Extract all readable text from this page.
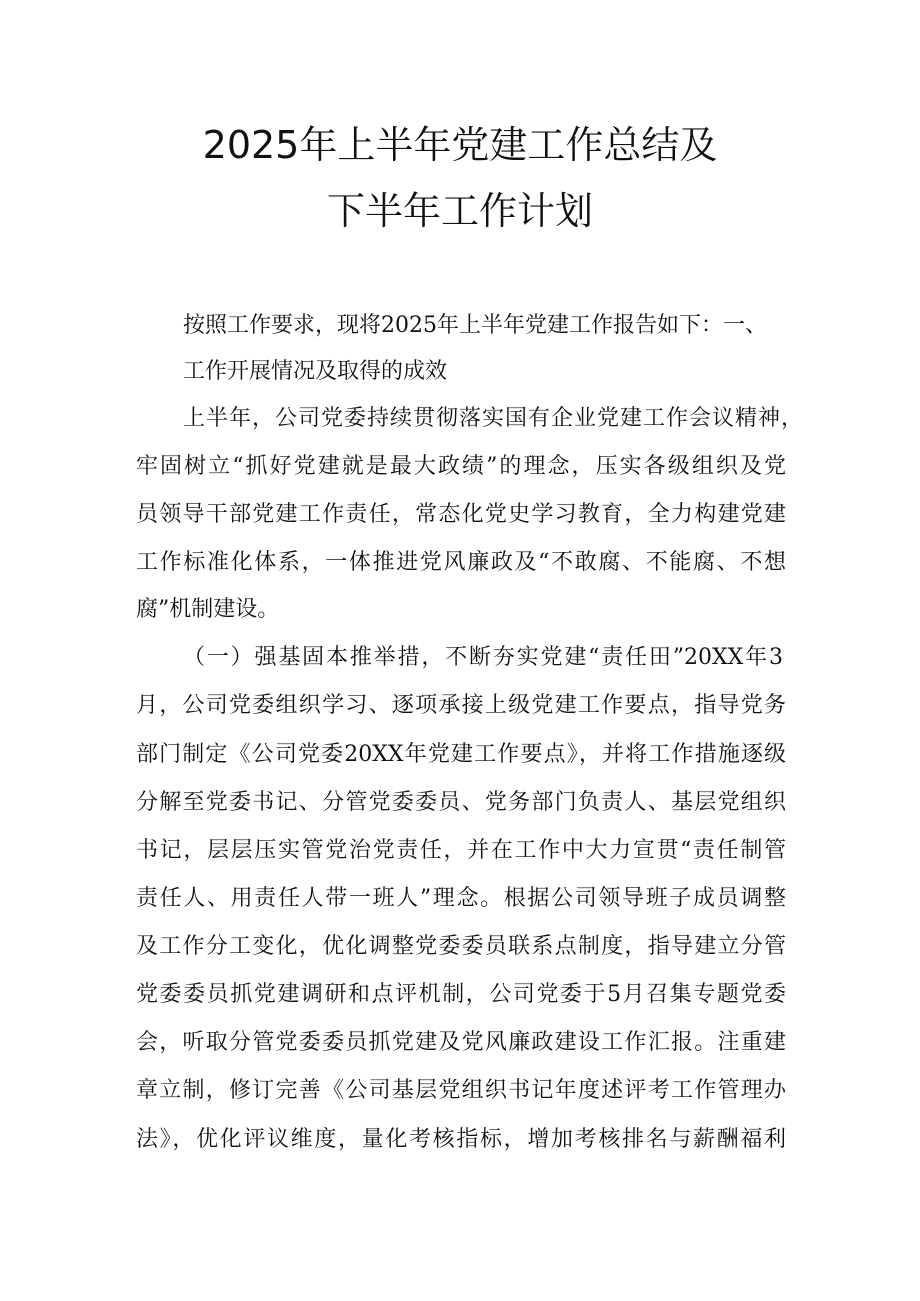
2025年上半年党建工作总结及
下半年工作计划
按照工作要求，现将2025年上半年党建工作报告如下：一、
工作开展情况及取得的成效
上半年，公司党委持续贯彻落实国有企业党建工作会议精神，
牢固树立“抓好党建就是最大政绩”的理念，压实各级组织及党
员领导干部党建工作责任，常态化党史学习教育，全力构建党建
工作标准化体系，一体推进党风廉政及“不敢腐、不能腐、不想
腐”机制建设。
（一）强基固本推举措，不断夯实党建“责任田”20XX年3
月，公司党委组织学习、逐项承接上级党建工作要点，指导党务
部门制定《公司党委20XX年党建工作要点》，并将工作措施逐级
分解至党委书记、分管党委委员、党务部门负责人、基层党组织
书记，层层压实管党治党责任，并在工作中大力宣贯“责任制管
责任人、用责任人带一班人”理念。根据公司领导班子成员调整
及工作分工变化，优化调整党委委员联系点制度，指导建立分管
党委委员抓党建调研和点评机制，公司党委于5月召集专题党委
会，听取分管党委委员抓党建及党风廉政建设工作汇报。注重建
章立制，修订完善《公司基层党组织书记年度述评考工作管理办
法》，优化评议维度，量化考核指标，增加考核排名与薪酬福利
